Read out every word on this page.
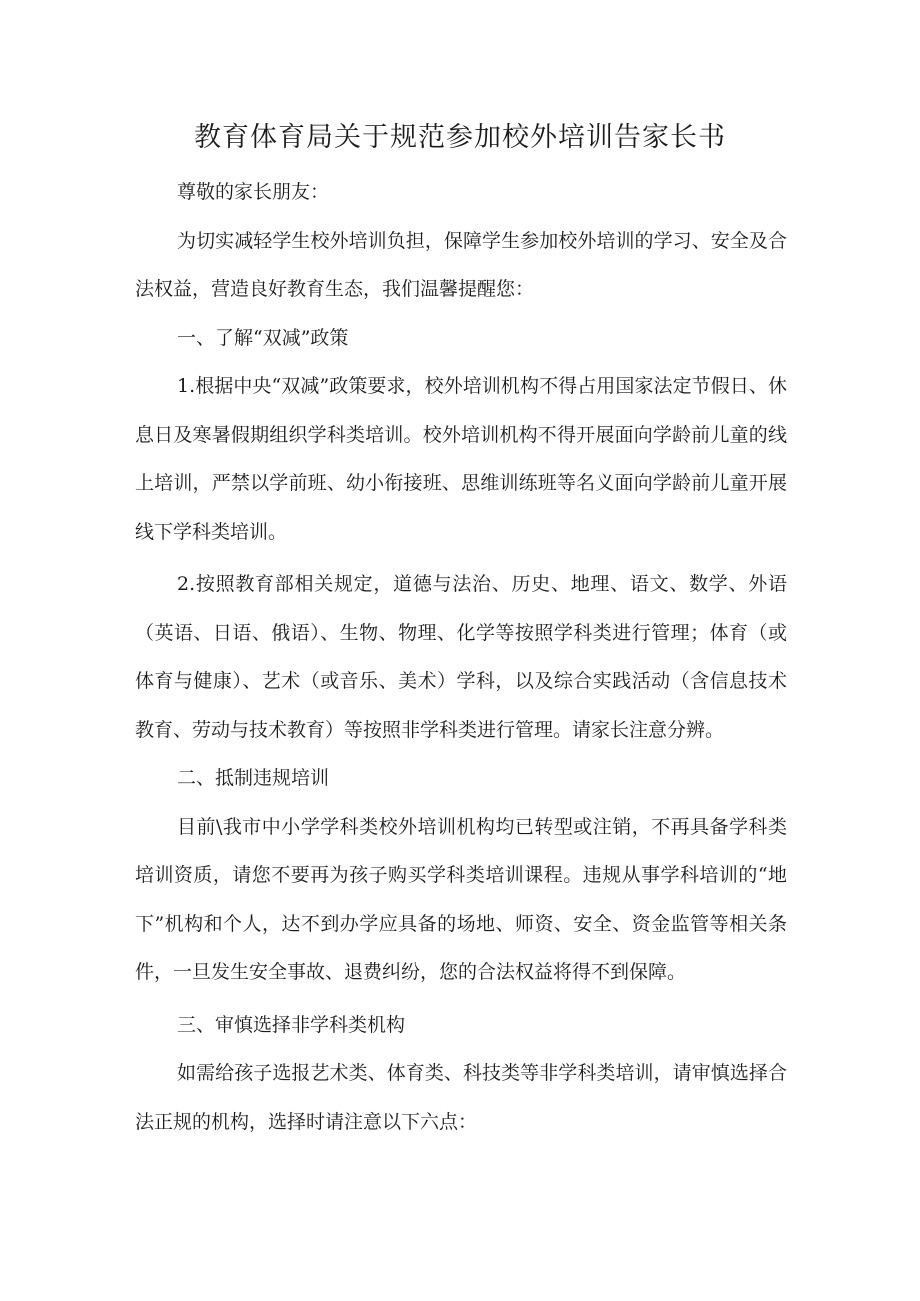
教育体育局关于规范参加校外培训告家长书

尊敬的家长朋友：

为切实减轻学生校外培训负担，保障学生参加校外培训的学习、安全及合法权益，营造良好教育生态，我们温馨提醒您：

一、了解“双减”政策

1.根据中央“双减”政策要求，校外培训机构不得占用国家法定节假日、休息日及寒暑假期组织学科类培训。校外培训机构不得开展面向学龄前儿童的线上培训，严禁以学前班、幼小衔接班、思维训练班等名义面向学龄前儿童开展线下学科类培训。

2.按照教育部相关规定，道德与法治、历史、地理、语文、数学、外语（英语、日语、俄语）、生物、物理、化学等按照学科类进行管理；体育（或体育与健康）、艺术（或音乐、美术）学科，以及综合实践活动（含信息技术教育、劳动与技术教育）等按照非学科类进行管理。请家长注意分辨。

二、抵制违规培训

目前\我市中小学学科类校外培训机构均已转型或注销，不再具备学科类培训资质，请您不要再为孩子购买学科类培训课程。违规从事学科培训的“地下”机构和个人，达不到办学应具备的场地、师资、安全、资金监管等相关条件，一旦发生安全事故、退费纠纷，您的合法权益将得不到保障。

三、审慎选择非学科类机构

如需给孩子选报艺术类、体育类、科技类等非学科类培训，请审慎选择合法正规的机构，选择时请注意以下六点：
